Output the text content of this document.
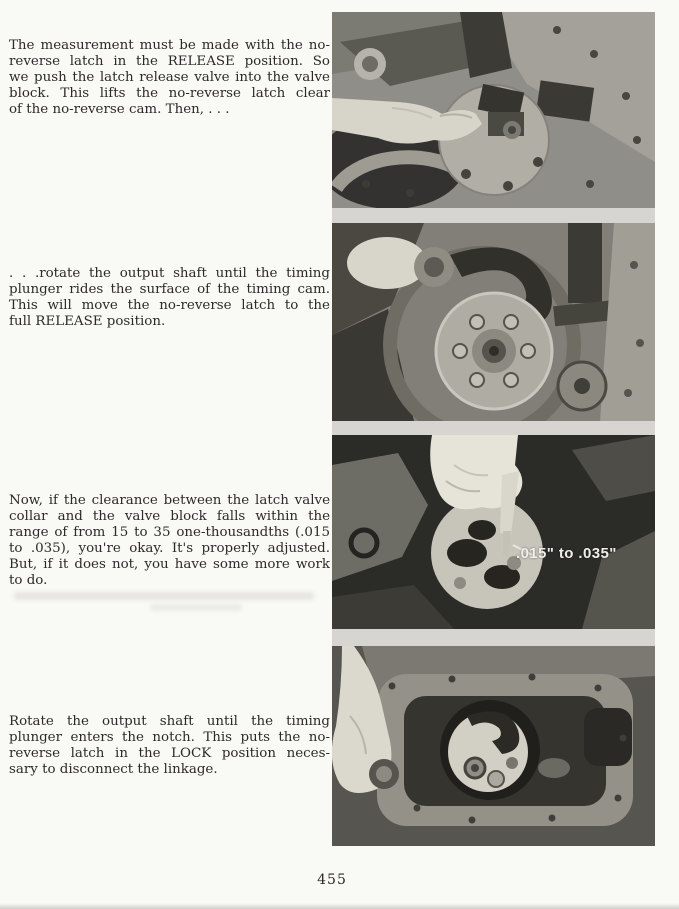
The measurement must be made with the no-
reverse latch in the RELEASE position. So
we push the latch release valve into the valve
block. This lifts the no-reverse latch clear
of the no-reverse cam. Then, . . .
. . .rotate the output shaft until the timing
plunger rides the surface of the timing cam.
This will move the no-reverse latch to the
full RELEASE position.
Now, if the clearance between the latch valve
collar and the valve block falls within the
range of from 15 to 35 one-thousandths (.015
to .035), you're okay. It's properly adjusted.
But, if it does not, you have some more work
to do.
Rotate the output shaft until the timing
plunger enters the notch. This puts the no-
reverse latch in the LOCK position neces-
sary to disconnect the linkage.
.015" to .035"
455
